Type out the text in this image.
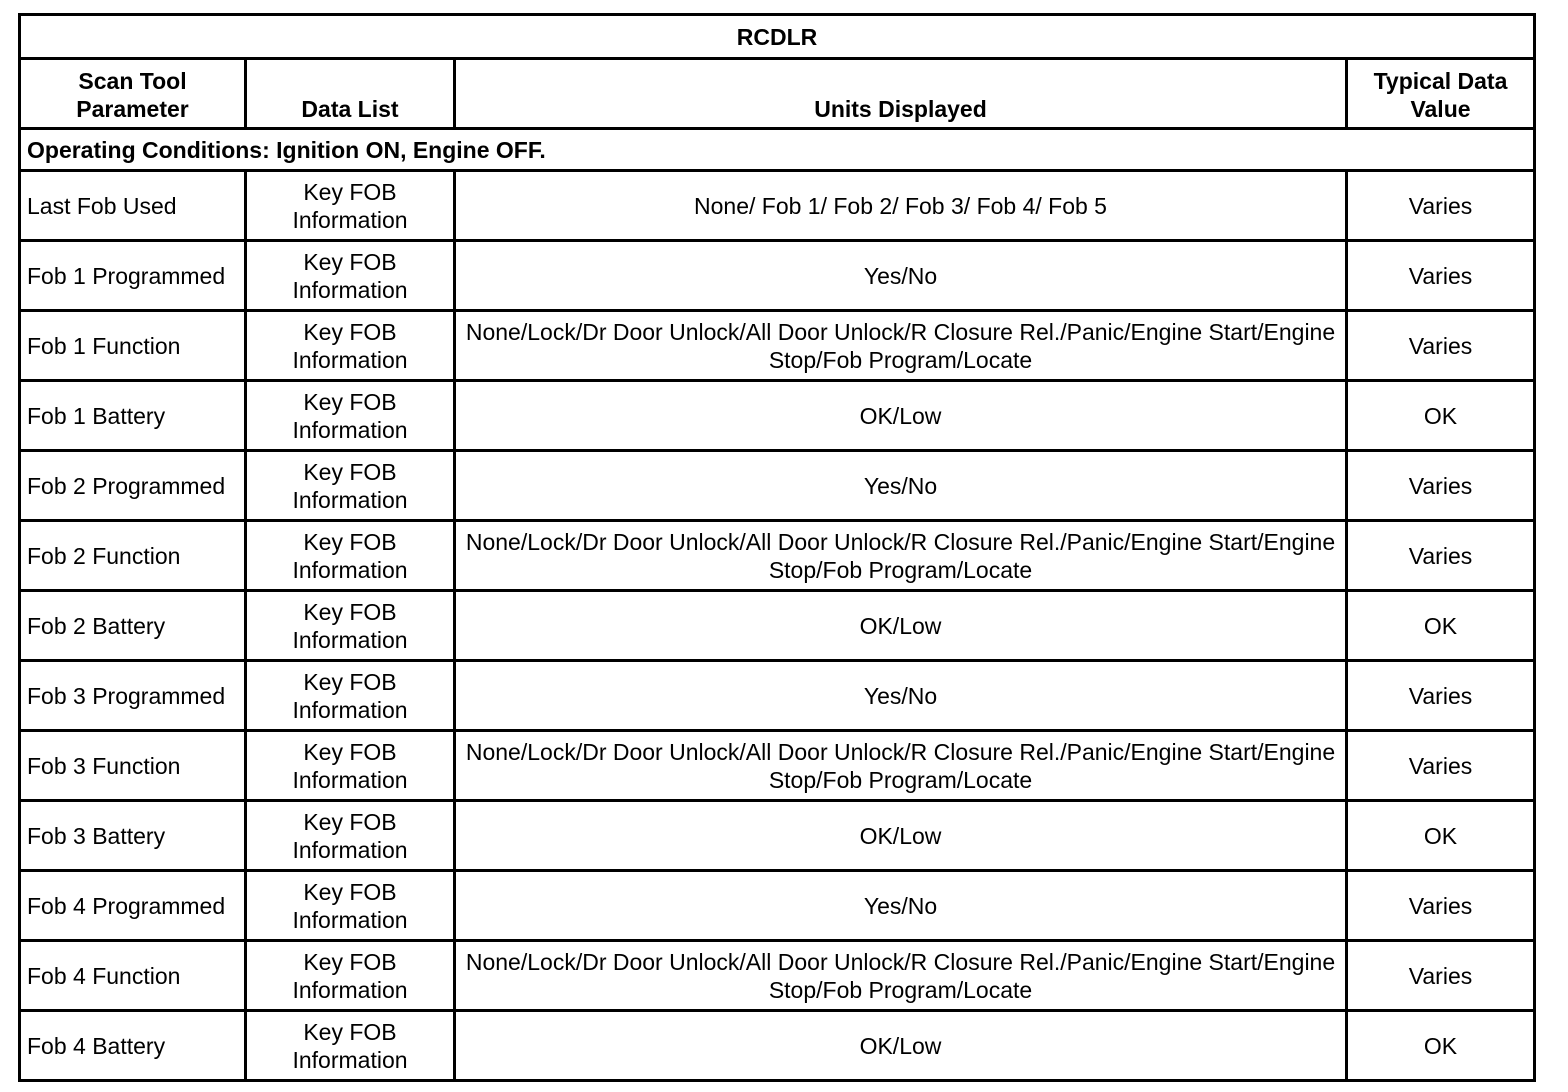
RCDLR			
Scan Tool Parameter	Data List	Units Displayed	Typical Data Value
Operating Conditions: Ignition ON, Engine OFF.			
Last Fob Used	Key FOB Information	None/ Fob 1/ Fob 2/ Fob 3/ Fob 4/ Fob 5	Varies
Fob 1 Programmed	Key FOB Information	Yes/No	Varies
Fob 1 Function	Key FOB Information	None/Lock/Dr Door Unlock/All Door Unlock/R Closure Rel./Panic/Engine Start/Engine Stop/Fob Program/Locate	Varies
Fob 1 Battery	Key FOB Information	OK/Low	OK
Fob 2 Programmed	Key FOB Information	Yes/No	Varies
Fob 2 Function	Key FOB Information	None/Lock/Dr Door Unlock/All Door Unlock/R Closure Rel./Panic/Engine Start/Engine Stop/Fob Program/Locate	Varies
Fob 2 Battery	Key FOB Information	OK/Low	OK
Fob 3 Programmed	Key FOB Information	Yes/No	Varies
Fob 3 Function	Key FOB Information	None/Lock/Dr Door Unlock/All Door Unlock/R Closure Rel./Panic/Engine Start/Engine Stop/Fob Program/Locate	Varies
Fob 3 Battery	Key FOB Information	OK/Low	OK
Fob 4 Programmed	Key FOB Information	Yes/No	Varies
Fob 4 Function	Key FOB Information	None/Lock/Dr Door Unlock/All Door Unlock/R Closure Rel./Panic/Engine Start/Engine Stop/Fob Program/Locate	Varies
Fob 4 Battery	Key FOB Information	OK/Low	OK
